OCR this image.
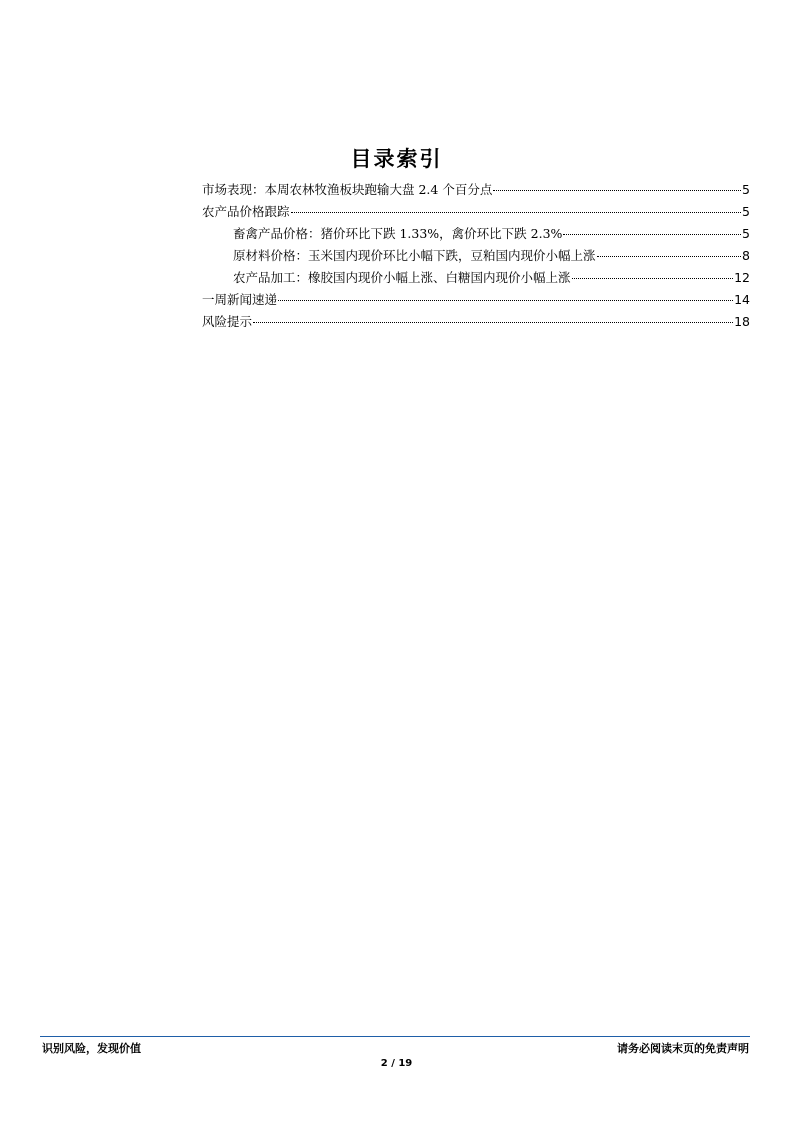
目录索引
市场表现：本周农林牧渔板块跑输大盘 2.4 个百分点	5
农产品价格跟踪	5
畜禽产品价格：猪价环比下跌 1.33%，禽价环比下跌 2.3%	5
原材料价格：玉米国内现价环比小幅下跌，豆粕国内现价小幅上涨	8
农产品加工：橡胶国内现价小幅上涨、白糖国内现价小幅上涨	12
一周新闻速递	14
风险提示	18
识别风险，发现价值	请务必阅读末页的免责声明
2 / 19
